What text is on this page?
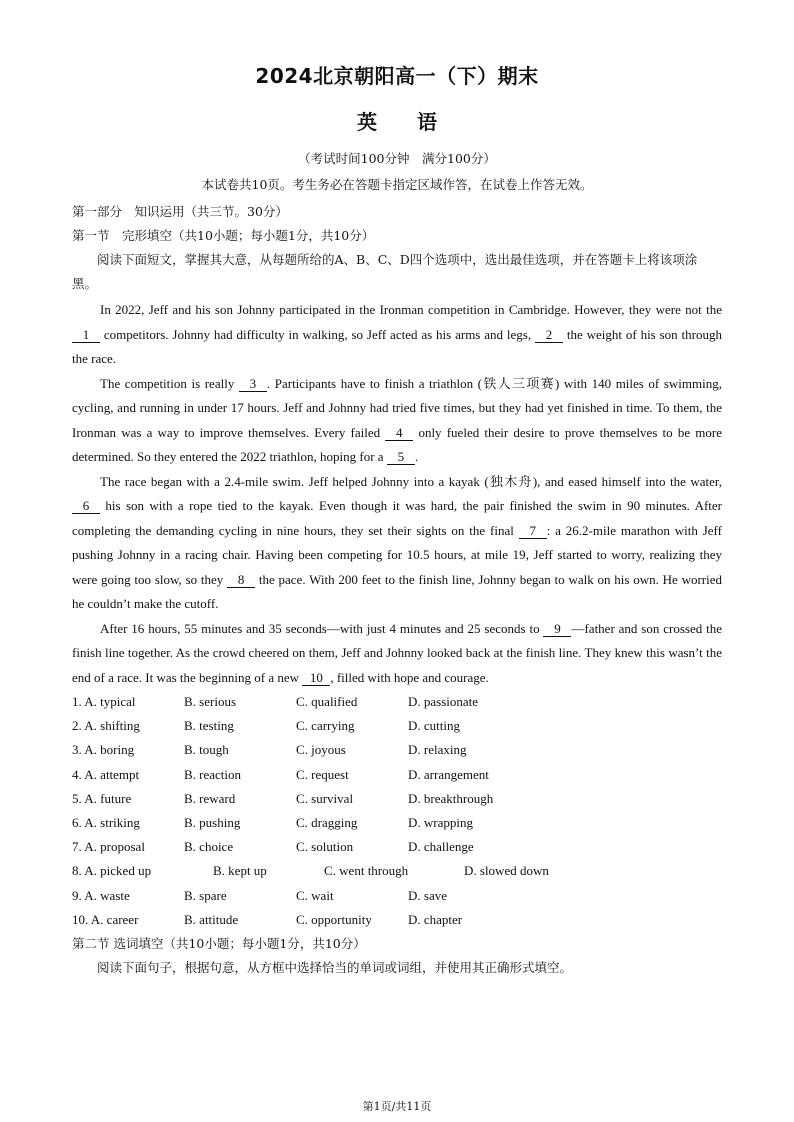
2024北京朝阳高一（下）期末
英　　语
（考试时间100分钟　满分100分）
本试卷共10页。考生务必在答题卡指定区域作答，在试卷上作答无效。

第一部分　知识运用（共三节。30分）

第一节　完形填空（共10小题；每小题1分，共10分）

阅读下面短文，掌握其大意，从每题所给的A、B、C、D四个选项中，选出最佳选项，并在答题卡上将该项涂黑。

In 2022, Jeff and his son Johnny participated in the Ironman competition in Cambridge. However, they were not the 1 competitors. Johnny had difficulty in walking, so Jeff acted as his arms and legs, 2 the weight of his son through the race.

The competition is really 3 . Participants have to finish a triathlon (铁人三项赛) with 140 miles of swimming, cycling, and running in under 17 hours. Jeff and Johnny had tried five times, but they had yet finished in time. To them, the Ironman was a way to improve themselves. Every failed 4 only fueled their desire to prove themselves to be more determined. So they entered the 2022 triathlon, hoping for a 5 .

The race began with a 2.4-mile swim. Jeff helped Johnny into a kayak (独木舟), and eased himself into the water, 6 his son with a rope tied to the kayak. Even though it was hard, the pair finished the swim in 90 minutes. After completing the demanding cycling in nine hours, they set their sights on the final 7 : a 26.2-mile marathon with Jeff pushing Johnny in a racing chair. Having been competing for 10.5 hours, at mile 19, Jeff started to worry, realizing they were going too slow, so they 8 the pace. With 200 feet to the finish line, Johnny began to walk on his own. He worried he couldn’t make the cutoff.

After 16 hours, 55 minutes and 35 seconds—with just 4 minutes and 25 seconds to 9 —father and son crossed the finish line together. As the crowd cheered on them, Jeff and Johnny looked back at the finish line. They knew this wasn’t the end of a race. It was the beginning of a new 10 , filled with hope and courage.

1. A. typical	B. serious	C. qualified	D. passionate
2. A. shifting	B. testing	C. carrying	D. cutting
3. A. boring	B. tough	C. joyous	D. relaxing
4. A. attempt	B. reaction	C. request	D. arrangement
5. A. future	B. reward	C. survival	D. breakthrough
6. A. striking	B. pushing	C. dragging	D. wrapping
7. A. proposal	B. choice	C. solution	D. challenge
8. A. picked up	B. kept up	C. went through	D. slowed down
9. A. waste	B. spare	C. wait	D. save
10. A. career	B. attitude	C. opportunity	D. chapter

第二节 选词填空（共10小题；每小题1分，共10分）

阅读下面句子，根据句意，从方框中选择恰当的单词或词组，并使用其正确形式填空。

第1页/共11页
